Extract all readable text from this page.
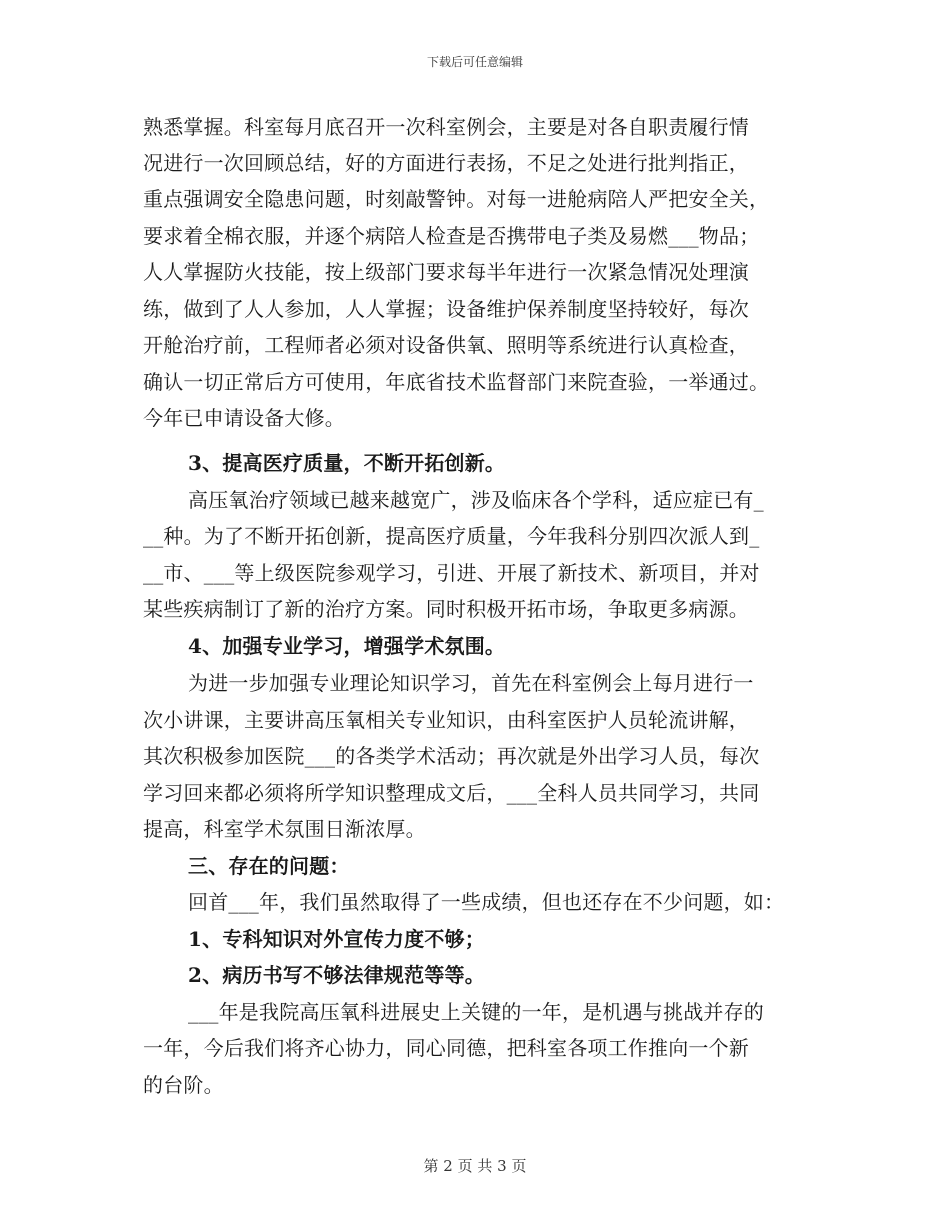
下载后可任意编辑
熟悉掌握。科室每月底召开一次科室例会，主要是对各自职责履行情
况进行一次回顾总结，好的方面进行表扬，不足之处进行批判指正，
重点强调安全隐患问题，时刻敲警钟。对每一进舱病陪人严把安全关，
要求着全棉衣服，并逐个病陪人检查是否携带电子类及易燃___物品；
人人掌握防火技能，按上级部门要求每半年进行一次紧急情况处理演
练，做到了人人参加，人人掌握；设备维护保养制度坚持较好，每次
开舱治疗前，工程师者必须对设备供氧、照明等系统进行认真检查，
确认一切正常后方可使用，年底省技术监督部门来院查验，一举通过。
今年已申请设备大修。
3、提高医疗质量，不断开拓创新。
高压氧治疗领域已越来越宽广，涉及临床各个学科，适应症已有_
__种。为了不断开拓创新，提高医疗质量，今年我科分别四次派人到_
__市、___等上级医院参观学习，引进、开展了新技术、新项目，并对
某些疾病制订了新的治疗方案。同时积极开拓市场，争取更多病源。
4、加强专业学习，增强学术氛围。
为进一步加强专业理论知识学习，首先在科室例会上每月进行一
次小讲课，主要讲高压氧相关专业知识，由科室医护人员轮流讲解，
其次积极参加医院___的各类学术活动；再次就是外出学习人员，每次
学习回来都必须将所学知识整理成文后，___全科人员共同学习，共同
提高，科室学术氛围日渐浓厚。
三、存在的问题：
回首___年，我们虽然取得了一些成绩，但也还存在不少问题，如：
1、专科知识对外宣传力度不够；
2、病历书写不够法律规范等等。
___年是我院高压氧科进展史上关键的一年，是机遇与挑战并存的
一年，今后我们将齐心协力，同心同德，把科室各项工作推向一个新
的台阶。
第 2 页 共 3 页
